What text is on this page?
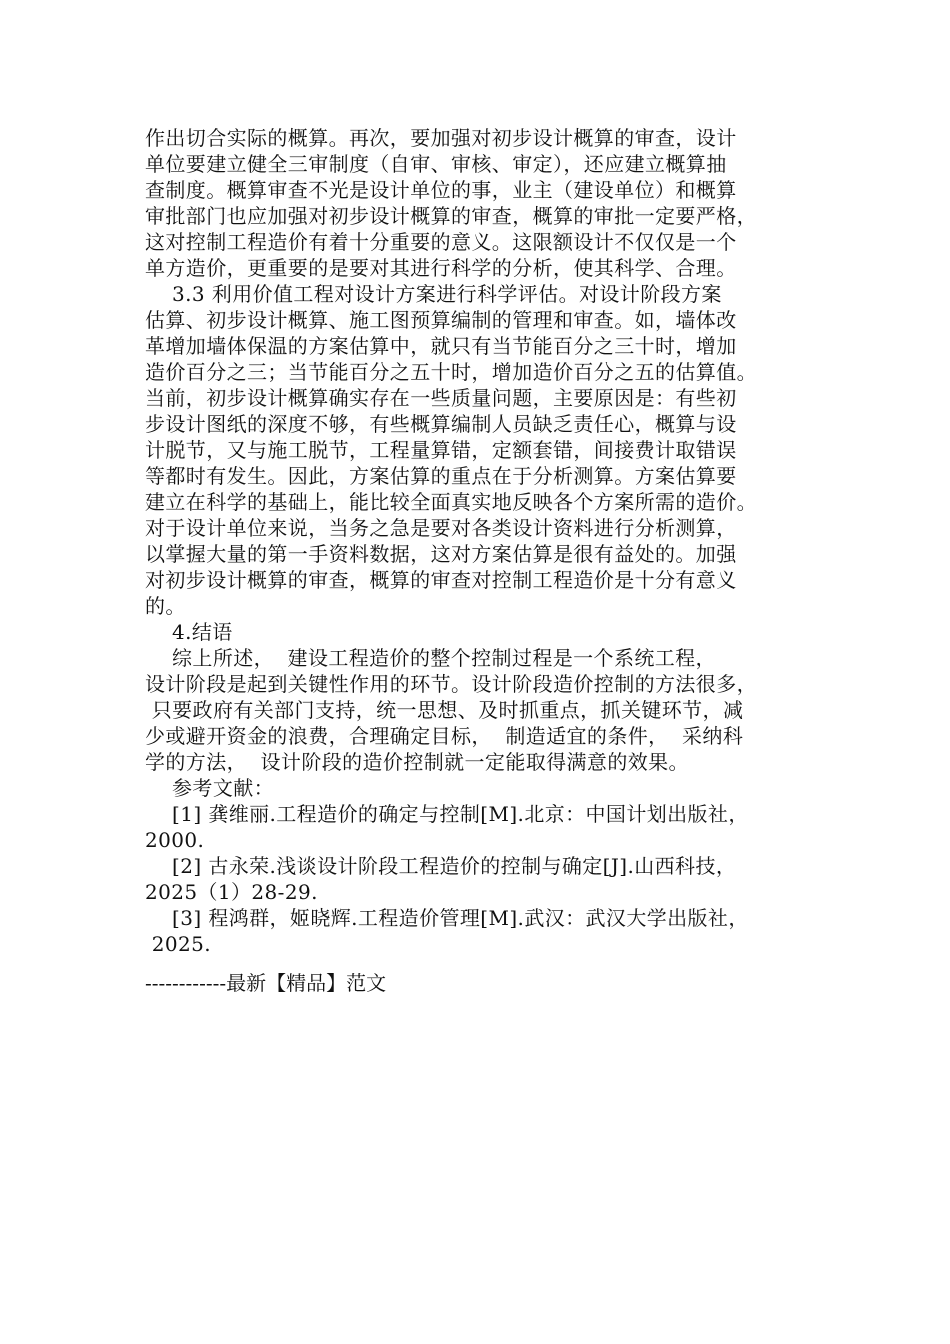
作出切合实际的概算。再次，要加强对初步设计概算的审查，设计
单位要建立健全三审制度（自审、审核、审定），还应建立概算抽
查制度。概算审查不光是设计单位的事，业主（建设单位）和概算
审批部门也应加强对初步设计概算的审查，概算的审批一定要严格，
这对控制工程造价有着十分重要的意义。这限额设计不仅仅是一个
单方造价，更重要的是要对其进行科学的分析，使其科学、合理。
3.3 利用价值工程对设计方案进行科学评估。对设计阶段方案
估算、初步设计概算、施工图预算编制的管理和审查。如，墙体改
革增加墙体保温的方案估算中，就只有当节能百分之三十时，增加
造价百分之三；当节能百分之五十时，增加造价百分之五的估算值。
当前，初步设计概算确实存在一些质量问题，主要原因是：有些初
步设计图纸的深度不够，有些概算编制人员缺乏责任心，概算与设
计脱节，又与施工脱节，工程量算错，定额套错，间接费计取错误
等都时有发生。因此，方案估算的重点在于分析测算。方案估算要
建立在科学的基础上，能比较全面真实地反映各个方案所需的造价。
对于设计单位来说，当务之急是要对各类设计资料进行分析测算，
以掌握大量的第一手资料数据，这对方案估算是很有益处的。加强
对初步设计概算的审查，概算的审查对控制工程造价是十分有意义
的。
4.结语
综上所述，  建设工程造价的整个控制过程是一个系统工程，
设计阶段是起到关键性作用的环节。设计阶段造价控制的方法很多，
只要政府有关部门支持，统一思想、及时抓重点，抓关键环节，减
少或避开资金的浪费，合理确定目标，  制造适宜的条件，  采纳科
学的方法，  设计阶段的造价控制就一定能取得满意的效果。
参考文献：
[1] 龚维丽.工程造价的确定与控制[M].北京：中国计划出版社，
2000.
[2] 古永荣.浅谈设计阶段工程造价的控制与确定[J].山西科技，
2025（1）28-29.
[3] 程鸿群，姬晓辉.工程造价管理[M].武汉：武汉大学出版社，
2025.
------------最新【精品】范文
